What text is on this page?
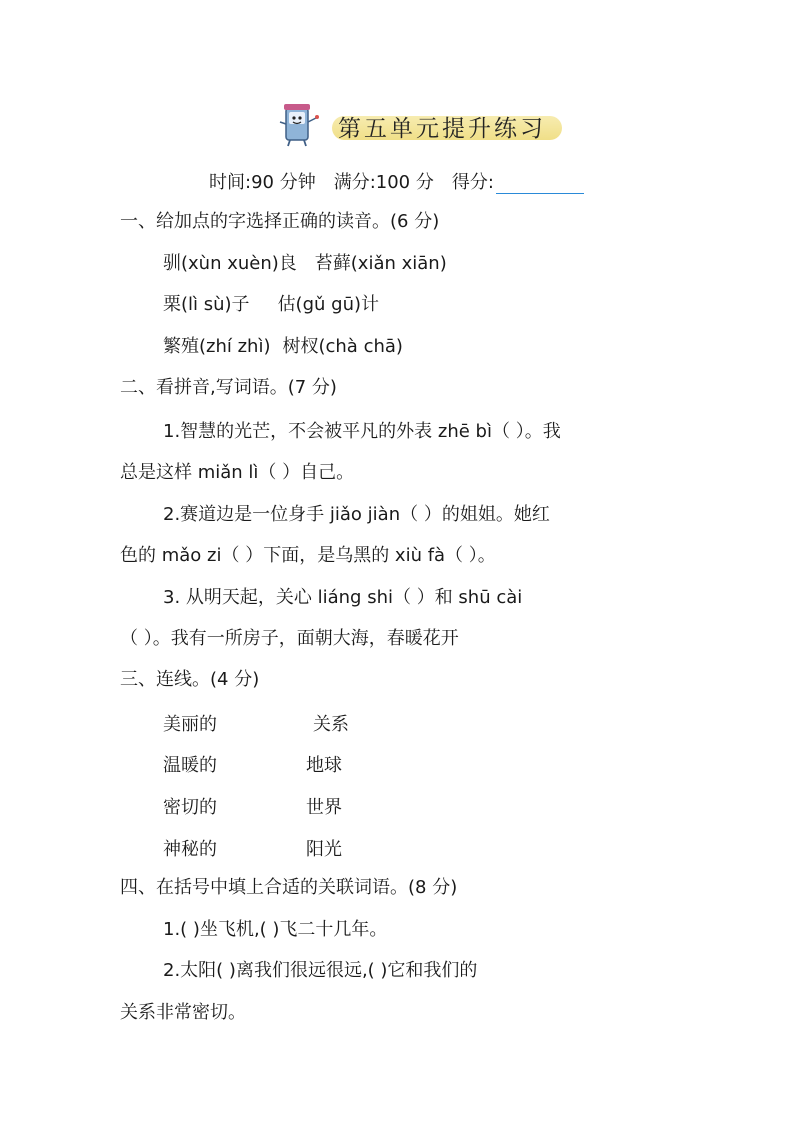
第五单元提升练习
时间:90 分钟 满分:100 分 得分:
一、给加点的字选择正确的读音。(6 分)
驯(xùn xuèn)良 苔藓(xiǎn xiān)
栗(lì sù)子 估(gǔ gū)计
繁殖(zhí zhì) 树杈(chà chā)
二、看拼音,写词语。(7 分)
1.智慧的光芒，不会被平凡的外表 zhē bì（ ）。我
总是这样 miǎn lì（ ）自己。
2.赛道边是一位身手 jiǎo jiàn（ ）的姐姐。她红
色的 mǎo zi（ ）下面，是乌黑的 xiù fà（ ）。
3. 从明天起，关心 liáng shi（ ）和 shū cài
（ ）。我有一所房子，面朝大海，春暖花开
三、连线。(4 分)
美丽的	关系
温暖的	地球
密切的	世界
神秘的	阳光
四、在括号中填上合适的关联词语。(8 分)
1.( )坐飞机,( )飞二十几年。
2.太阳( )离我们很远很远,( )它和我们的
关系非常密切。
